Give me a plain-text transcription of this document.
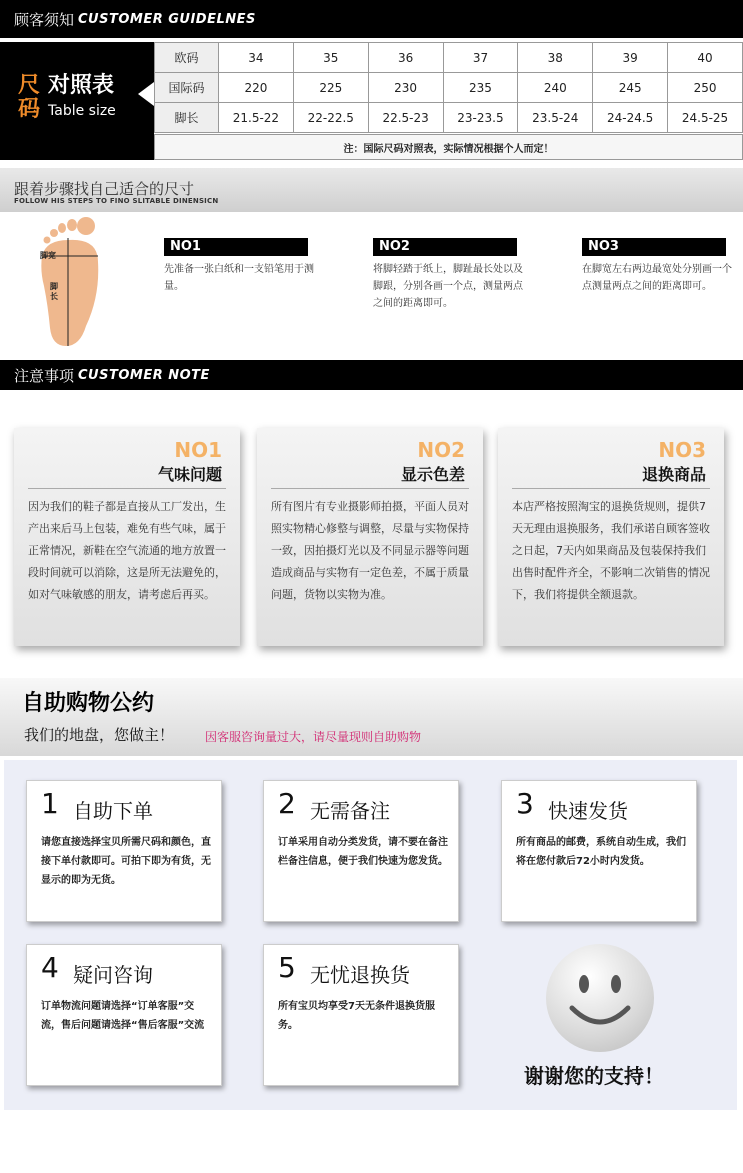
顾客须知 CUSTOMER GUIDELNES
尺
码
对照表
Table size
欧码	34	35	36	37	38	39	40
国际码	220	225	230	235	240	245	250
脚长	21.5-22	22-22.5	22.5-23	23-23.5	23.5-24	24-24.5	24.5-25
注：国际尺码对照表，实际情况根据个人而定！
跟着步骤找自己适合的尺寸
FOLLOW HIS STEPS TO FINO SLITABLE DINENSICN
脚宽
脚长
NO1
先准备一张白纸和一支铅笔用于测量。
NO2
将脚轻踏于纸上，脚趾最长处以及脚跟，分别各画一个点，测量两点之间的距离即可。
NO3
在脚宽左右两边最宽处分别画一个点测量两点之间的距离即可。
注意事项 CUSTOMER NOTE
NO1
气味问题
因为我们的鞋子都是直接从工厂发出，生产出来后马上包装，难免有些气味，属于正常情况，新鞋在空气流通的地方放置一段时间就可以消除，这是所无法避免的，如对气味敏感的朋友，请考虑后再买。
NO2
显示色差
所有图片有专业摄影师拍摄，平面人员对照实物精心修整与调整，尽量与实物保持一致，因拍摄灯光以及不同显示器等问题造成商品与实物有一定色差，不属于质量问题，货物以实物为准。
NO3
退换商品
本店严格按照淘宝的退换货规则，提供7天无理由退换服务，我们承诺自顾客签收之日起，7天内如果商品及包装保持我们出售时配件齐全，不影响二次销售的情况下，我们将提供全额退款。
自助购物公约
我们的地盘，您做主！	因客服咨询量过大，请尽量现则自助购物
1 自助下单
请您直接选择宝贝所需尺码和颜色，直接下单付款即可。可拍下即为有货，无显示的即为无货。
2 无需备注
订单采用自动分类发货，请不要在备注栏备注信息，便于我们快速为您发货。
3 快速发货
所有商品的邮费，系统自动生成，我们将在您付款后72小时内发货。
4 疑问咨询
订单物流问题请选择“订单客服”交流，售后问题请选择“售后客服”交流
5 无忧退换货
所有宝贝均享受7天无条件退换货服务。
谢谢您的支持！
